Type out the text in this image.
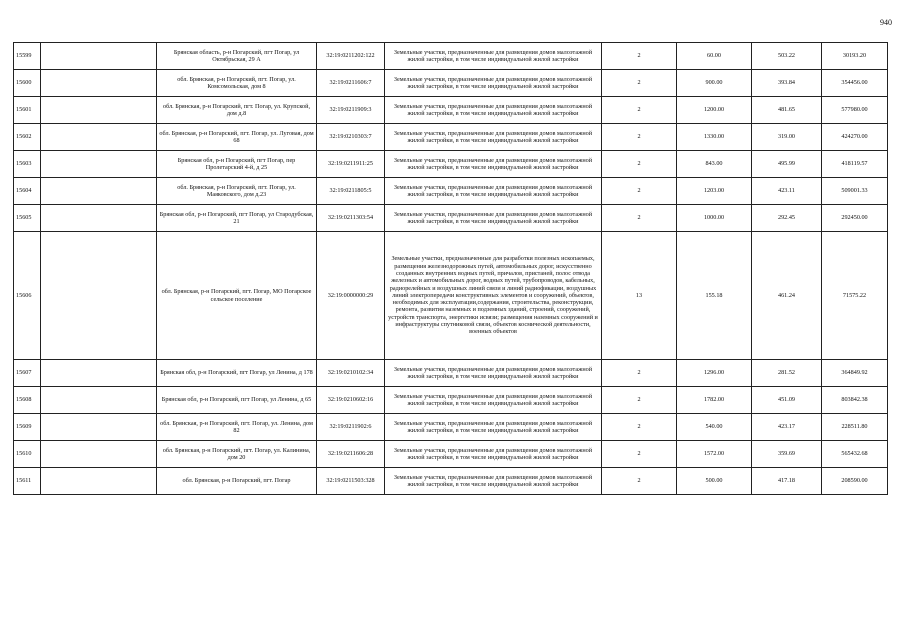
940
15599		Брянская область, р-н Погарский, пгт Погар, ул Октябрьская, 29 А	32:19:0211202:122	Земельные участки, предназначенные для размещения домов малоэтажной жилой застройки, в том числе индивидуальной жилой застройки	2	60.00	503.22	30193.20
15600		обл. Брянская, р-н Погарский, пгт. Погар, ул. Комсомольская, дом 8	32:19:0211606:7	Земельные участки, предназначенные для размещения домов малоэтажной жилой застройки, в том числе индивидуальной жилой застройки	2	900.00	393.84	354456.00
15601		обл. Брянская, р-н Погарский, пгт. Погар, ул. Крупской, дом д.8	32:19:0211909:3	Земельные участки, предназначенные для размещения домов малоэтажной жилой застройки, в том числе индивидуальной жилой застройки	2	1200.00	481.65	577980.00
15602		обл. Брянская, р-н Погарский, пгт. Погар, ул. Луговая, дом 68	32:19:0210303:7	Земельные участки, предназначенные для размещения домов малоэтажной жилой застройки, в том числе индивидуальной жилой застройки	2	1330.00	319.00	424270.00
15603		Брянская обл, р-н Погарский, пгт Погар, пер Пролетарский 4-й, д 25	32:19:0211911:25	Земельные участки, предназначенные для размещения домов малоэтажной жилой застройки, в том числе индивидуальной жилой застройки	2	843.00	495.99	418119.57
15604		обл. Брянская, р-н Погарский, пгт. Погар, ул. Маяковского, дом д.23	32:19:0211805:5	Земельные участки, предназначенные для размещения домов малоэтажной жилой застройки, в том числе индивидуальной жилой застройки	2	1203.00	423.11	509001.33
15605		Брянская обл, р-н Погарский, пгт Погар, ул Стародубская, 21	32:19:0211303:54	Земельные участки, предназначенные для размещения домов малоэтажной жилой застройки, в том числе индивидуальной жилой застройки	2	1000.00	292.45	292450.00
15606		обл. Брянская, р-н Погарский, пгт. Погар, МО Погарское сельское поселение	32:19:0000000:29	Земельные участки, предназначенные для разработки полезных ископаемых, размещения железнодорожных путей, автомобильных дорог, искусственно созданных внутренних водных путей, причалов, пристаней, полос отвода железных и автомобильных дорог, водных путей, трубопроводов, кабельных, радиорелейных и воздушных линий связи и линий радиофикации, воздушных линий электропередачи конструктивных элементов и сооружений, объектов, необходимых для эксплуатации,содержания, строительства, реконструкции, ремонта, развития наземных и подземных зданий, строений, сооружений, устройств транспорта, энергетики исвязи; размещения наземных сооружений и инфраструктуры спутниковой связи, объектов космической деятельности, военных объектов	13	155.18	461.24	71575.22
15607		Брянская обл, р-н Погарский, пгт Погар, ул Ленина, д 178	32:19:0210102:34	Земельные участки, предназначенные для размещения домов малоэтажной жилой застройки, в том числе индивидуальной жилой застройки	2	1296.00	281.52	364849.92
15608		Брянская обл, р-н Погарский, пгт Погар, ул Ленина, д 65	32:19:0210602:16	Земельные участки, предназначенные для размещения домов малоэтажной жилой застройки, в том числе индивидуальной жилой застройки	2	1782.00	451.09	803842.38
15609		обл. Брянская, р-н Погарский, пгт. Погар, ул. Ленина, дом 82	32:19:0211902:6	Земельные участки, предназначенные для размещения домов малоэтажной жилой застройки, в том числе индивидуальной жилой застройки	2	540.00	423.17	228511.80
15610		обл. Брянская, р-н Погарский, пгт. Погар, ул. Калинина, дом 20	32:19:0211606:28	Земельные участки, предназначенные для размещения домов малоэтажной жилой застройки, в том числе индивидуальной жилой застройки	2	1572.00	359.69	565432.68
15611		обл. Брянская, р-н Погарский, пгт. Погар	32:19:0211503:328	Земельные участки, предназначенные для размещения домов малоэтажной жилой застройки, в том числе индивидуальной жилой застройки	2	500.00	417.18	208590.00
